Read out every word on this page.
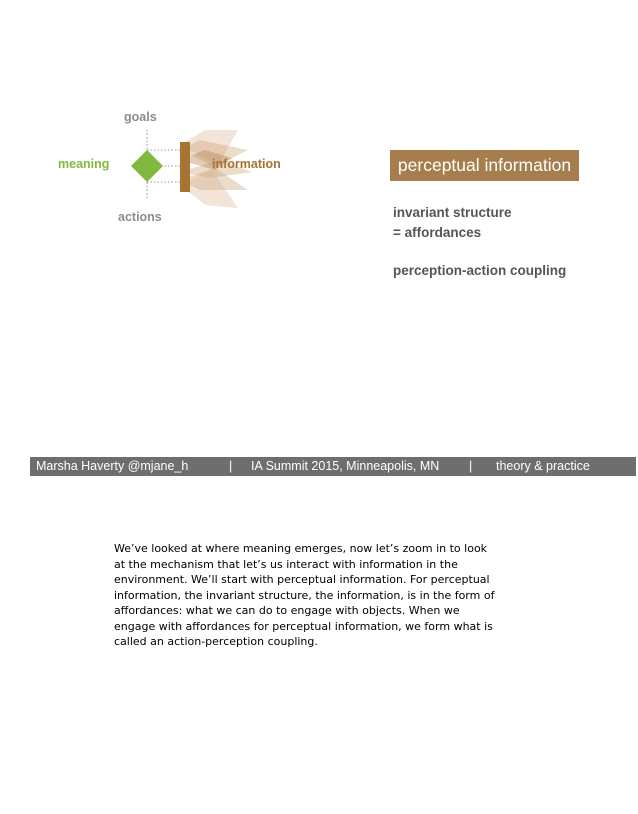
goals
actions
meaning	information	perceptual information
invariant structure
= affordances
perception-action coupling
Marsha Haverty @mjane_h	| IA Summit 2015, Minneapolis, MN | theory & practice
We’ve looked at where meaning emerges, now let’s zoom in to look
at the mechanism that let’s us interact with information in the
environment. We’ll start with perceptual information. For perceptual
information, the invariant structure, the information, is in the form of
affordances: what we can do to engage with objects. When we
engage with affordances for perceptual information, we form what is
called an action-perception coupling.
